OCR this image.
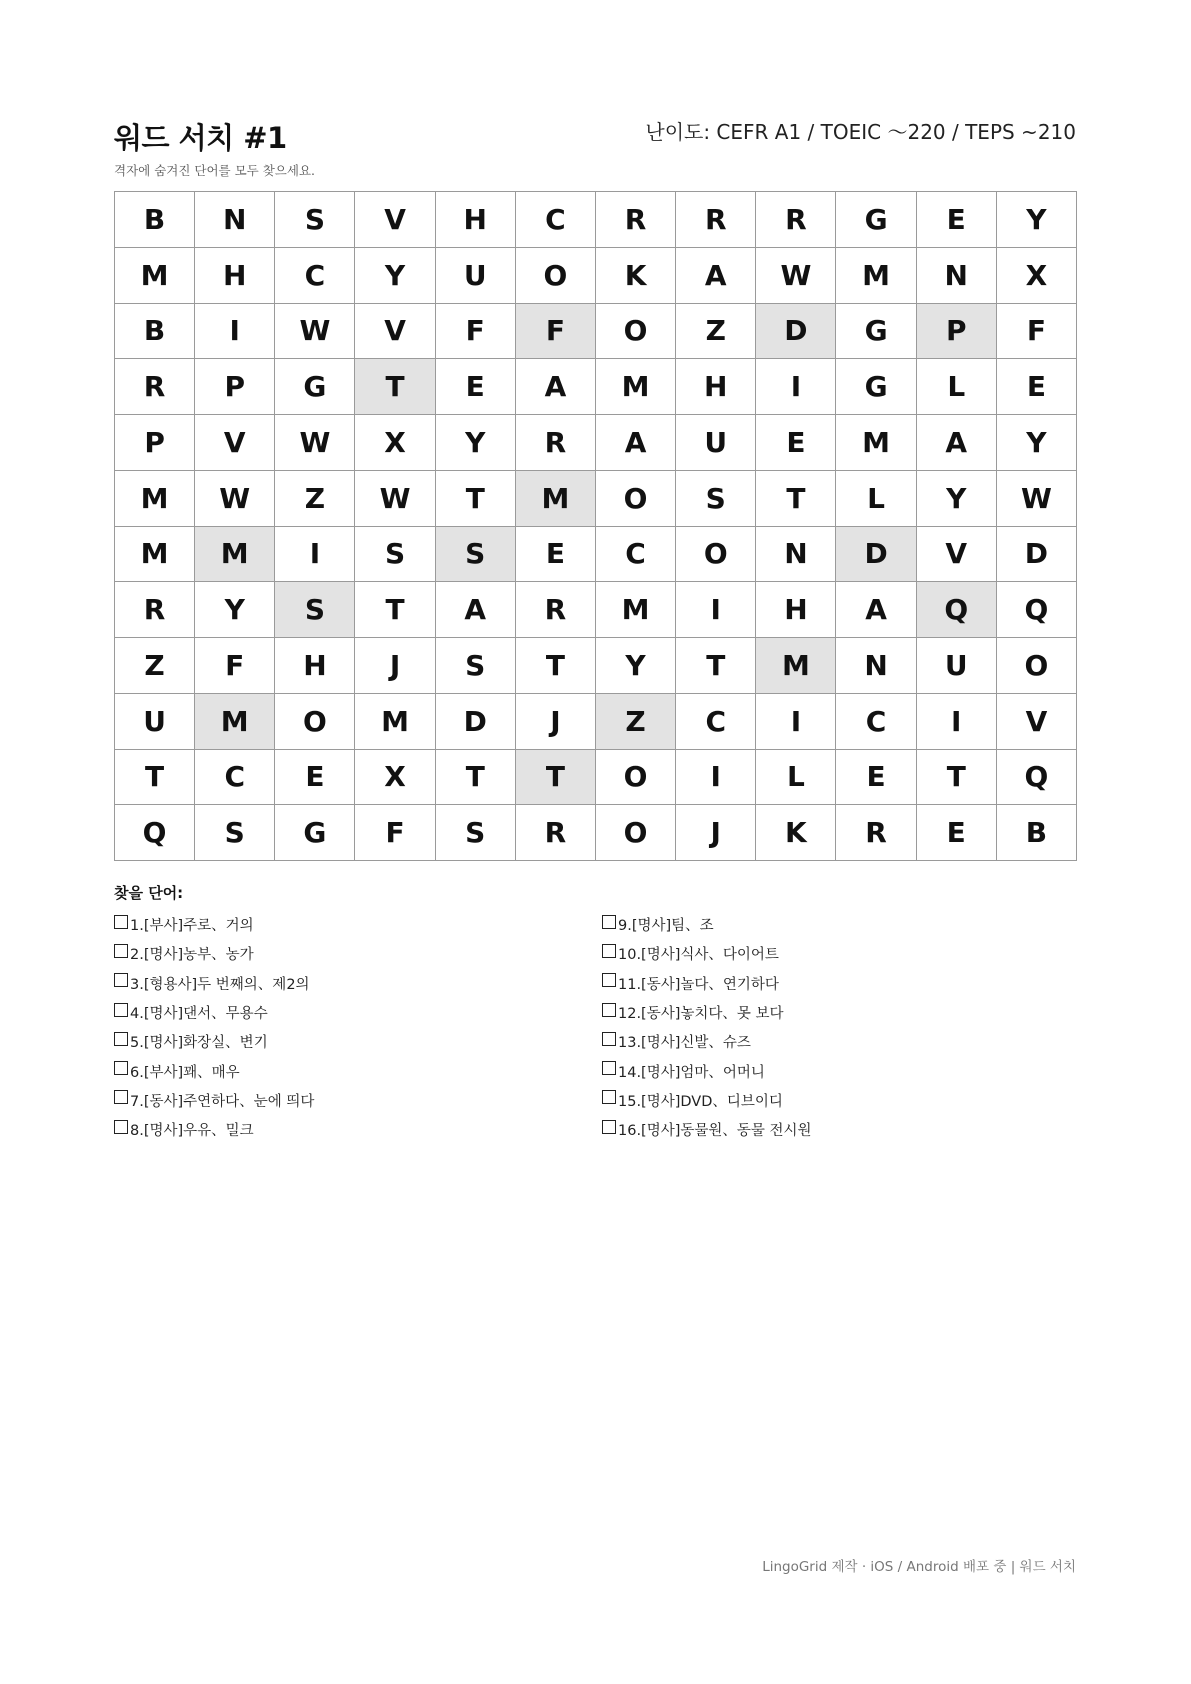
워드 서치 #1	난이도: CEFR A1 / TOEIC ～220 / TEPS ~210
격자에 숨겨진 단어를 모두 찾으세요.
B	N	S	V	H	C	R	R	R	G	E	Y
M	H	C	Y	U	O	K	A	W	M	N	X
B	I	W	V	F	F	O	Z	D	G	P	F
R	P	G	T	E	A	M	H	I	G	L	E
P	V	W	X	Y	R	A	U	E	M	A	Y
M	W	Z	W	T	M	O	S	T	L	Y	W
M	M	I	S	S	E	C	O	N	D	V	D
R	Y	S	T	A	R	M	I	H	A	Q	Q
Z	F	H	J	S	T	Y	T	M	N	U	O
U	M	O	M	D	J	Z	C	I	C	I	V
T	C	E	X	T	T	O	I	L	E	T	Q
Q	S	G	F	S	R	O	J	K	R	E	B
찾을 단어:
1.[부사]주로、거의
2.[명사]농부、농가
3.[형용사]두 번째의、제2의
4.[명사]댄서、무용수
5.[명사]화장실、변기
6.[부사]꽤、매우
7.[동사]주연하다、눈에 띄다
8.[명사]우유、밀크
9.[명사]팀、조
10.[명사]식사、다이어트
11.[동사]놀다、연기하다
12.[동사]놓치다、못 보다
13.[명사]신발、슈즈
14.[명사]엄마、어머니
15.[명사]DVD、디브이디
16.[명사]동물원、동물 전시원
LingoGrid 제작 · iOS / Android 배포 중 | 워드 서치
